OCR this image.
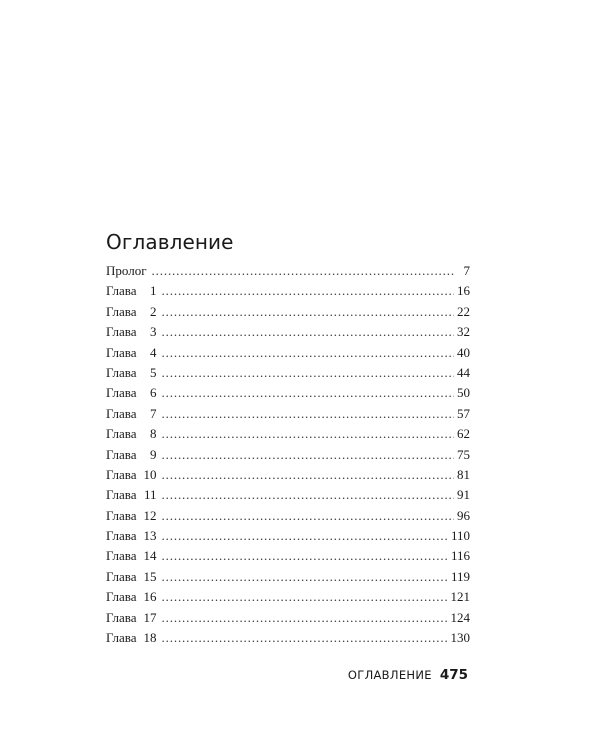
Оглавление
Пролог . . .	7
Глава 1 . . .	16
Глава 2 . . .	22
Глава 3 . . .	32
Глава 4 . . .	40
Глава 5 . . .	44
Глава 6 . . .	50
Глава 7 . . .	57
Глава 8 . . .	62
Глава 9 . . .	75
Глава 10 . . .	81
Глава 11 . . .	91
Глава 12 . . .	96
Глава 13 . . .	110
Глава 14 . . .	116
Глава 15 . . .	119
Глава 16 . . .	121
Глава 17 . . .	124
Глава 18 . . .	130
ОГЛАВЛЕНИЕ 475
